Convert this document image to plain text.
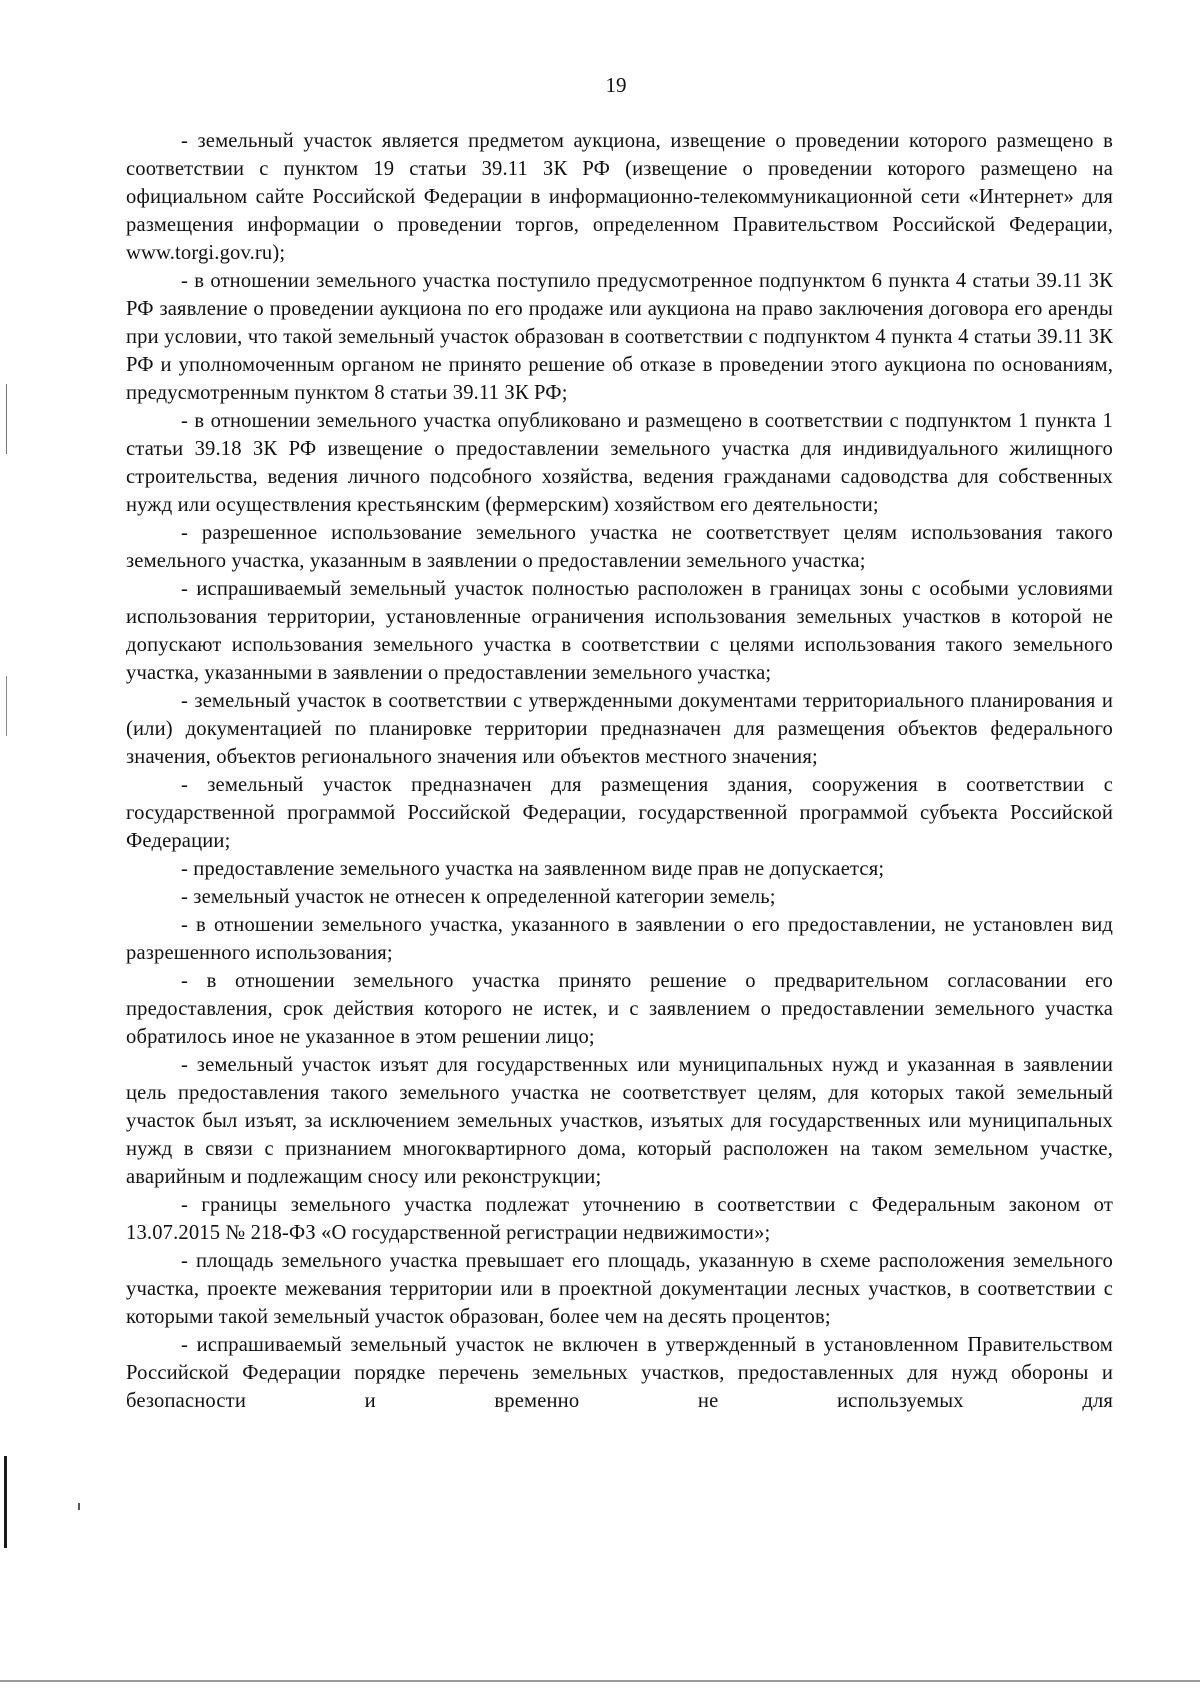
19

- земельный участок является предметом аукциона, извещение о проведении которого размещено в соответствии с пунктом 19 статьи 39.11 ЗК РФ (извещение о проведении которого размещено на официальном сайте Российской Федерации в информационно-телекоммуникационной сети «Интернет» для размещения информации о проведении торгов, определенном Правительством Российской Федерации, www.torgi.gov.ru);

- в отношении земельного участка поступило предусмотренное подпунктом 6 пункта 4 статьи 39.11 ЗК РФ заявление о проведении аукциона по его продаже или аукциона на право заключения договора его аренды при условии, что такой земельный участок образован в соответствии с подпунктом 4 пункта 4 статьи 39.11 ЗК РФ и уполномоченным органом не принято решение об отказе в проведении этого аукциона по основаниям, предусмотренным пунктом 8 статьи 39.11 ЗК РФ;

- в отношении земельного участка опубликовано и размещено в соответствии с подпунктом 1 пункта 1 статьи 39.18 ЗК РФ извещение о предоставлении земельного участка для индивидуального жилищного строительства, ведения личного подсобного хозяйства, ведения гражданами садоводства для собственных нужд или осуществления крестьянским (фермерским) хозяйством его деятельности;

- разрешенное использование земельного участка не соответствует целям использования такого земельного участка, указанным в заявлении о предоставлении земельного участка;

- испрашиваемый земельный участок полностью расположен в границах зоны с особыми условиями использования территории, установленные ограничения использования земельных участков в которой не допускают использования земельного участка в соответствии с целями использования такого земельного участка, указанными в заявлении о предоставлении земельного участка;

- земельный участок в соответствии с утвержденными документами территориального планирования и (или) документацией по планировке территории предназначен для размещения объектов федерального значения, объектов регионального значения или объектов местного значения;

- земельный участок предназначен для размещения здания, сооружения в соответствии с государственной программой Российской Федерации, государственной программой субъекта Российской Федерации;

- предоставление земельного участка на заявленном виде прав не допускается;

- земельный участок не отнесен к определенной категории земель;

- в отношении земельного участка, указанного в заявлении о его предоставлении, не установлен вид разрешенного использования;

- в отношении земельного участка принято решение о предварительном согласовании его предоставления, срок действия которого не истек, и с заявлением о предоставлении земельного участка обратилось иное не указанное в этом решении лицо;

- земельный участок изъят для государственных или муниципальных нужд и указанная в заявлении цель предоставления такого земельного участка не соответствует целям, для которых такой земельный участок был изъят, за исключением земельных участков, изъятых для государственных или муниципальных нужд в связи с признанием многоквартирного дома, который расположен на таком земельном участке, аварийным и подлежащим сносу или реконструкции;

- границы земельного участка подлежат уточнению в соответствии с Федеральным законом от 13.07.2015 № 218-ФЗ «О государственной регистрации недвижимости»;

- площадь земельного участка превышает его площадь, указанную в схеме расположения земельного участка, проекте межевания территории или в проектной документации лесных участков, в соответствии с которыми такой земельный участок образован, более чем на десять процентов;

- испрашиваемый земельный участок не включен в утвержденный в установленном Правительством Российской Федерации порядке перечень земельных участков, предоставленных для нужд обороны и безопасности и временно не используемых для
